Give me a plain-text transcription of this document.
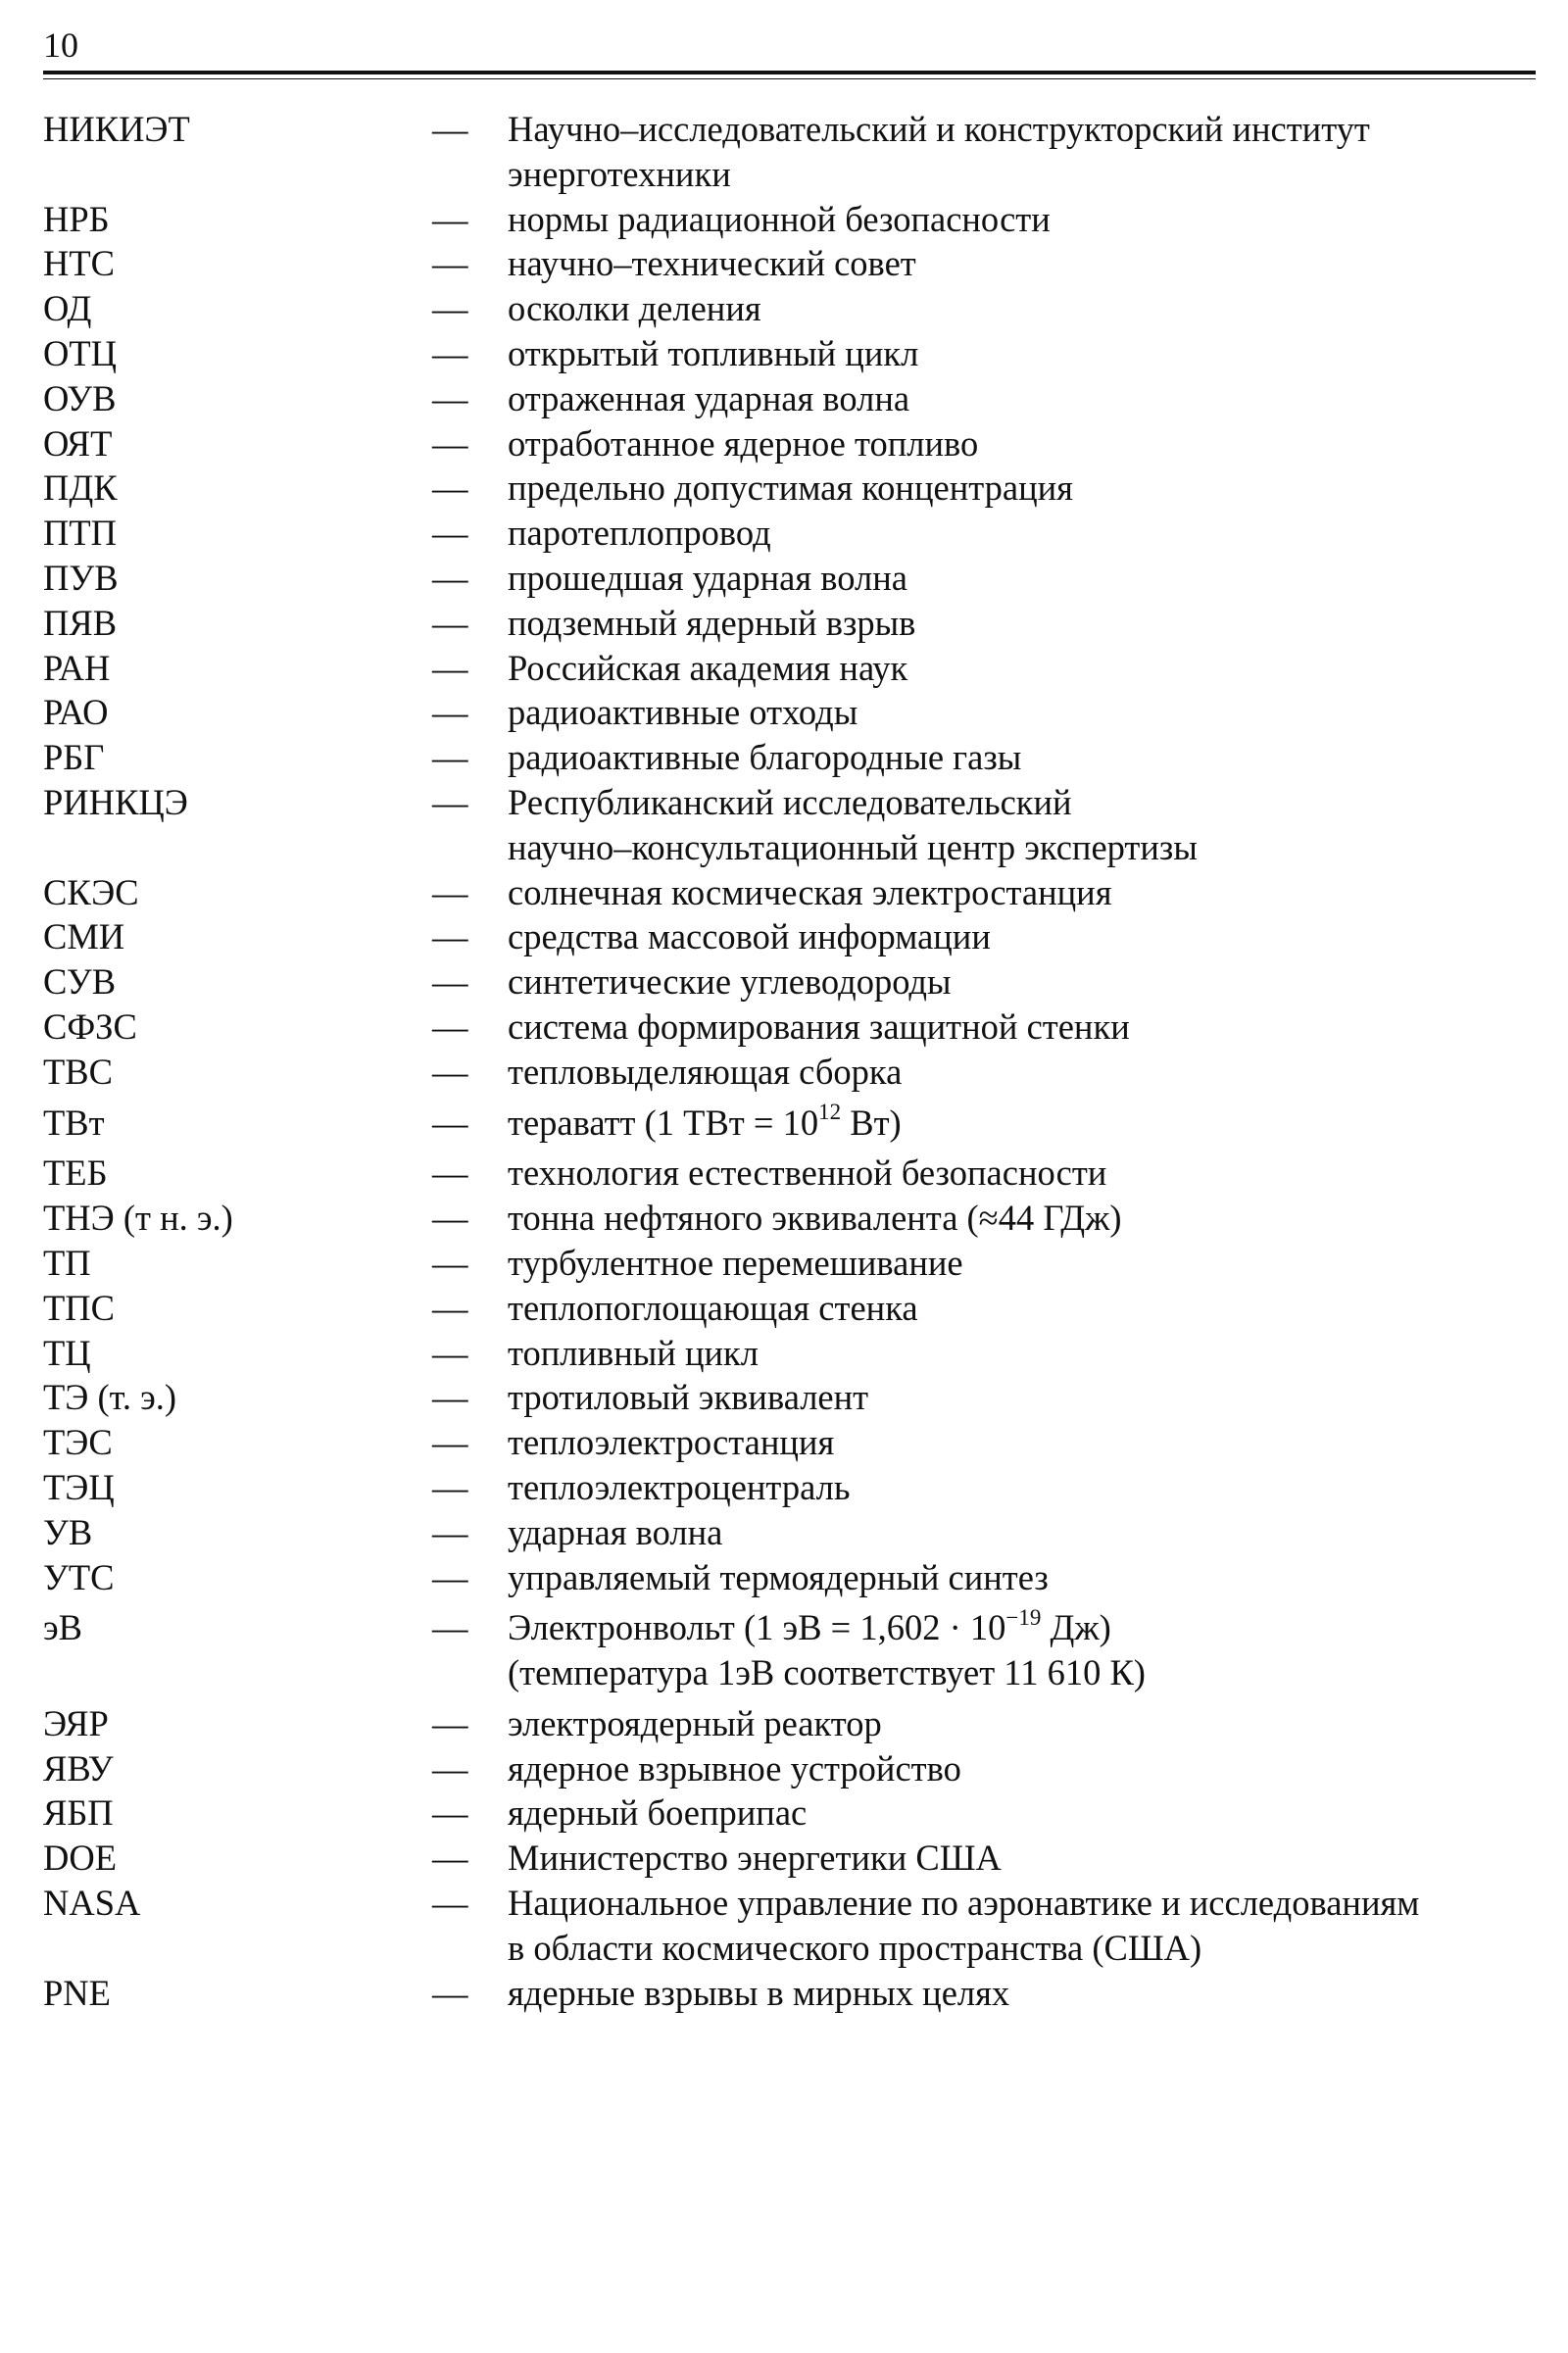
10
НИКИЭТ	— Научно–исследовательский и конструкторский институт
энерготехники
НРБ	— нормы радиационной безопасности
НТС	— научно–технический совет
ОД	— осколки деления
ОТЦ	— открытый топливный цикл
ОУВ	— отраженная ударная волна
ОЯТ	— отработанное ядерное топливо
ПДК	— предельно допустимая концентрация
ПТП	— паротеплопровод
ПУВ	— прошедшая ударная волна
ПЯВ	— подземный ядерный взрыв
РАН	— Российская академия наук
РАО	— радиоактивные отходы
РБГ	— радиоактивные благородные газы
РИНКЦЭ	— Республиканский исследовательский
научно–консультационный центр экспертизы
СКЭС	— солнечная космическая электростанция
СМИ	— средства массовой информации
СУВ	— синтетические углеводороды
СФЗС	— система формирования защитной стенки
ТВС	— тепловыделяющая сборка
ТВт	— тераватт (1 ТВт = $10^{12}$ Вт)
ТЕБ	— технология естественной безопасности
ТНЭ (т н. э.)	— тонна нефтяного эквивалента (≈44 ГДж)
ТП	— турбулентное перемешивание
ТПС	— теплопоглощающая стенка
ТЦ	— топливный цикл
ТЭ (т. э.)	— тротиловый эквивалент
ТЭС	— теплоэлектростанция
ТЭЦ	— теплоэлектроцентраль
УВ	— ударная волна
УТС	— управляемый термоядерный синтез
эВ	— Электронвольт (1 эВ = $1,602 \cdot 10^{-19}$ Дж)
(температура 1эВ соответствует 11 610 К)
ЭЯР	— электроядерный реактор
ЯВУ	— ядерное взрывное устройство
ЯБП	— ядерный боеприпас
DOE	— Министерство энергетики США
NASA	— Национальное управление по аэронавтике и исследованиям
в области космического пространства (США)
PNE	— ядерные взрывы в мирных целях
